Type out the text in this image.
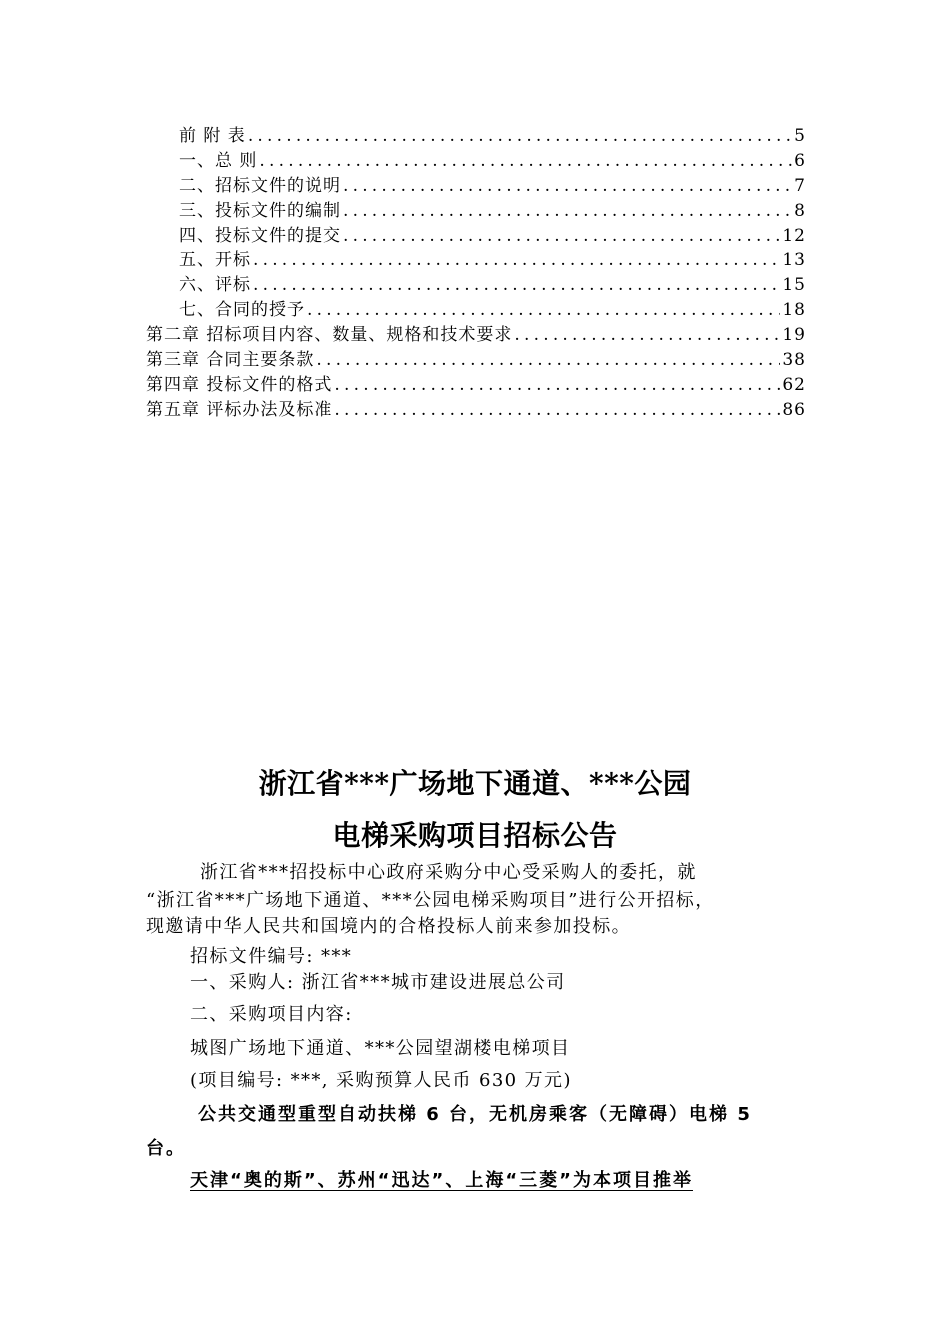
前 附 表 .....	5
一、总 则 .....	6
二、招标文件的说明 .....	7
三、投标文件的编制 .....	8
四、投标文件的提交 .....	12
五、开标 .....	13
六、评标 .....	15
七、合同的授予 .....	18
第二章 招标项目内容、数量、规格和技术要求 .....	19
第三章 合同主要条款 .....	38
第四章 投标文件的格式 .....	62
第五章 评标办法及标准 .....	86
浙江省***广场地下通道、***公园
电梯采购项目招标公告
浙江省***招投标中心政府采购分中心受采购人的委托，就
“浙江省***广场地下通道、***公园电梯采购项目”进行公开招标，
现邀请中华人民共和国境内的合格投标人前来参加投标。
招标文件编号: ***
一、采购人: 浙江省***城市建设进展总公司
二、采购项目内容:
城图广场地下通道、***公园望湖楼电梯项目
(项目编号: ***, 采购预算人民币 630 万元)
公共交通型重型自动扶梯 6 台，无机房乘客（无障碍）电梯 5
台。
天津“奥的斯”、苏州“迅达”、上海“三菱”为本项目推举
